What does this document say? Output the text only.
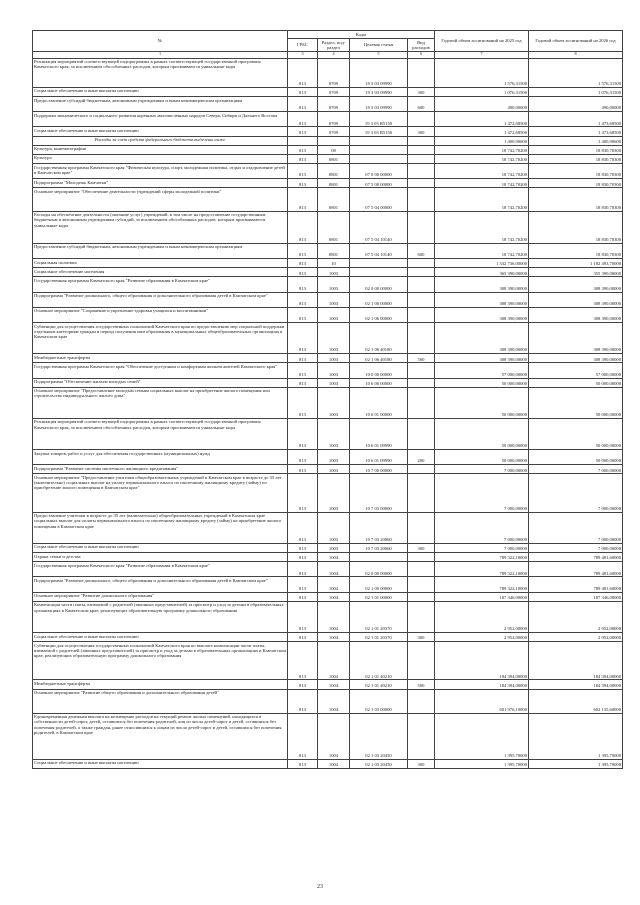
№	Коды				Годовой объем ассигнований на 2025 год	Годовой объем ассигнований на 2026 год
	ГРБС	Раздел, под-раздел	Целевая статья	Вид расходов		
1	3	4	5	6	7	8
Реализация мероприятий соответствующей подпрограммы в рамках соответствующей государственной программы Камчатского края, за исключением обособленных расходов, которым присваиваются уникальные коды	813	0709	19 3 03 09990		1 576,31500	1 576,31500
Социальное обеспечение и иные выплаты населению	813	0709	19 3 03 09990	300	1 076,31500	1 076,31500
Предоставление субсидий бюджетным, автономным учреждениям и иным некоммерческим организациям	813	0709	19 3 03 09990	600	490,00000	490,00000
Поддержка экономического и социального развития коренных малочисленных народов Севера, Сибири и Дальнего Востока	813	0709	19 3 03 R5150		1 472,68500	1 473,68500
Социальное обеспечение и иные выплаты населению	813	0709	19 3 03 R5150	300	1 472,68500	1 473,68500
Расходы за счет средств федерального бюджета выделены ниже					1 400,90600	1 400,90600
Культура, кинематография	813	08			18 742,70200	18 830,70300
Культура	813	0801			18 742,70200	18 830,70300
Государственная программа Камчатского края "Физическая культура, спорт, молодежная политика, отдых и оздоровление детей в Камчатском крае"	813	0801	07 0 00 00000		18 742,70200	18 830,70300
Подпрограмма "Молодежь Камчатки"	813	0801	07 5 00 00000		18 742,70200	18 830,70300
Основное мероприятие "Обеспечение деятельности учреждений сферы молодежной политики"	813	0801	07 5 04 00000		18 742,70200	18 830,70300
Расходы на обеспечение деятельности (оказание услуг) учреждений, в том числе на предоставление государственным бюджетным и автономным учреждениям субсидий, за исключением обособленных расходов, которым присваиваются уникальные коды	813	0801	07 5 04 10140		18 742,70200	18 830,70300
Предоставление субсидий бюджетным, автономным учреждениям и иным некоммерческим организациям	813	0801	07 5 04 10140	600	18 742,70200	18 830,70300
Социальная политика	813	10			1 332 736,00000	1 182 493,70000
Социальное обеспечение населения	813	1003			365 390,00000	355 390,00000
Государственная программа Камчатского края "Развитие образования в Камчатском крае"	813	1003	02 0 00 00000		308 390,00000	308 390,00000
Подпрограмма "Развитие дошкольного, общего образования и дополнительного образования детей в Камчатском крае"	813	1003	02 1 00 00000		308 390,00000	308 390,00000
Основное мероприятие "Сохранение и укрепление здоровья учащихся и воспитанников"	813	1003	02 1 06 00000		308 390,00000	308 390,00000
Субвенции для осуществления государственных полномочий Камчатского края по предоставлению мер социальной поддержки отдельным категориям граждан в период получения ими образования в муниципальных общеобразовательных организациях в Камчатском крае	813	1003	02 1 06 40180		308 390,00000	308 390,00000
Межбюджетные трансферты	813	1003	02 1 06 40180	500	308 390,00000	308 390,00000
Государственная программа Камчатского края "Обеспечение доступным и комфортным жильем жителей Камчатского края"	813	1003	10 0 00 00000		57 000,00000	57 000,00000
Подпрограмма "Обеспечение жильем молодых семей"	813	1003	10 6 00 00000		50 000,00000	50 000,00000
Основное мероприятие "Предоставление молодым семьям социальных выплат на приобретение жилого помещения или строительство индивидуального жилого дома"	813	1003	10 6 01 00000		50 000,00000	50 000,00000
Реализация мероприятий соответствующей подпрограммы в рамках соответствующей государственной программы Камчатского края, за исключением обособленных расходов, которым присваиваются уникальные коды	813	1003	10 6 01 09990		50 000,00000	50 000,00000
Закупка товаров, работ и услуг для обеспечения государственных (муниципальных) нужд	813	1003	10 6 01 09990	200	50 000,00000	50 000,00000
Подпрограмма "Развитие системы ипотечного жилищного кредитования"	813	1003	10 7 00 00000		7 000,00000	7 000,00000
Основное мероприятие "Предоставление учителям общеобразовательных учреждений в Камчатском крае в возрасте до 35 лет (включительно) социальных выплат на уплату первоначального взноса по ипотечному жилищному кредиту (займу) по приобретение жилого помещения в Камчатском крае"	813	1003	10 7 03 00000		7 000,00000	7 000,00000
Предоставление учителям в возрасте до 35 лет (включительно) общеобразовательных учреждений в Камчатском крае социальных выплат для оплаты первоначального взноса по ипотечному жилищному кредиту (займу) на приобретение жилого помещения в Камчатском крае	813	1003	10 7 03 20060		7 000,00000	7 000,00000
Социальное обеспечение и иные выплаты населению	813	1003	10 7 03 20060	300	7 000,00000	7 000,00000
Охрана семьи и детства	813	1004			789 322,10000	789 481,60000
Государственная программа Камчатского края "Развитие образования в Камчатском крае"	813	1004	02 0 00 00000		789 322,10000	789 481,60000
Подпрограмма "Развитие дошкольного, общего образования и дополнительного образования детей в Камчатском крае"	813	1004	02 1 00 00000		789 322,10000	789 481,60000
Основное мероприятие "Развитие дошкольного образования"	813	1004	02 1 01 00000		187 346,00000	187 346,00000
Компенсация части платы, взимаемой с родителей (законных представителей) за присмотр и уход за детьми в образовательных организациях в Камчатском крае, реализующих образовательную программу дошкольного образования	813	1004	02 1 01 20370		2 952,00000	2 952,00000
Социальное обеспечение и иные выплаты населению	813	1004	02 1 01 20370	300	2 952,00000	2 952,00000
Субвенции для осуществления государственных полномочий Камчатского края по выплате компенсации части платы, взимаемой с родителей (законных представителей) за присмотр и уход за детьми в образовательных организациях в Камчатском крае, реализующих образовательную программу дошкольного образования	813	1004	02 1 01 40210		184 394,00000	184 394,00000
Межбюджетные трансферты	813	1004	02 1 01 40210	500	184 394,00000	184 394,00000
Основное мероприятие "Развитие общего образования и дополнительного образования детей"	813	1004	02 1 03 00000		601 976,10000	602 135,60000
Единовременная денежная выплата на возмещение расходов на текущий ремонт жилых помещений, находящихся в собственности детей-сирот, детей, оставшихся без попечения родителей, лиц из числа детей-сирот и детей, оставшихся без попечения родителей, а также граждан, ранее относившихся к лицам из числа детей-сирот и детей, оставшихся без попечения родителей, в Камчатском крае	813	1004	02 1 03 20450		1 395,70000	1 395,70000
Социальное обеспечение и иные выплаты населению	813	1004	02 1 03 20450	300	1 395,70000	1 395,70000
23
